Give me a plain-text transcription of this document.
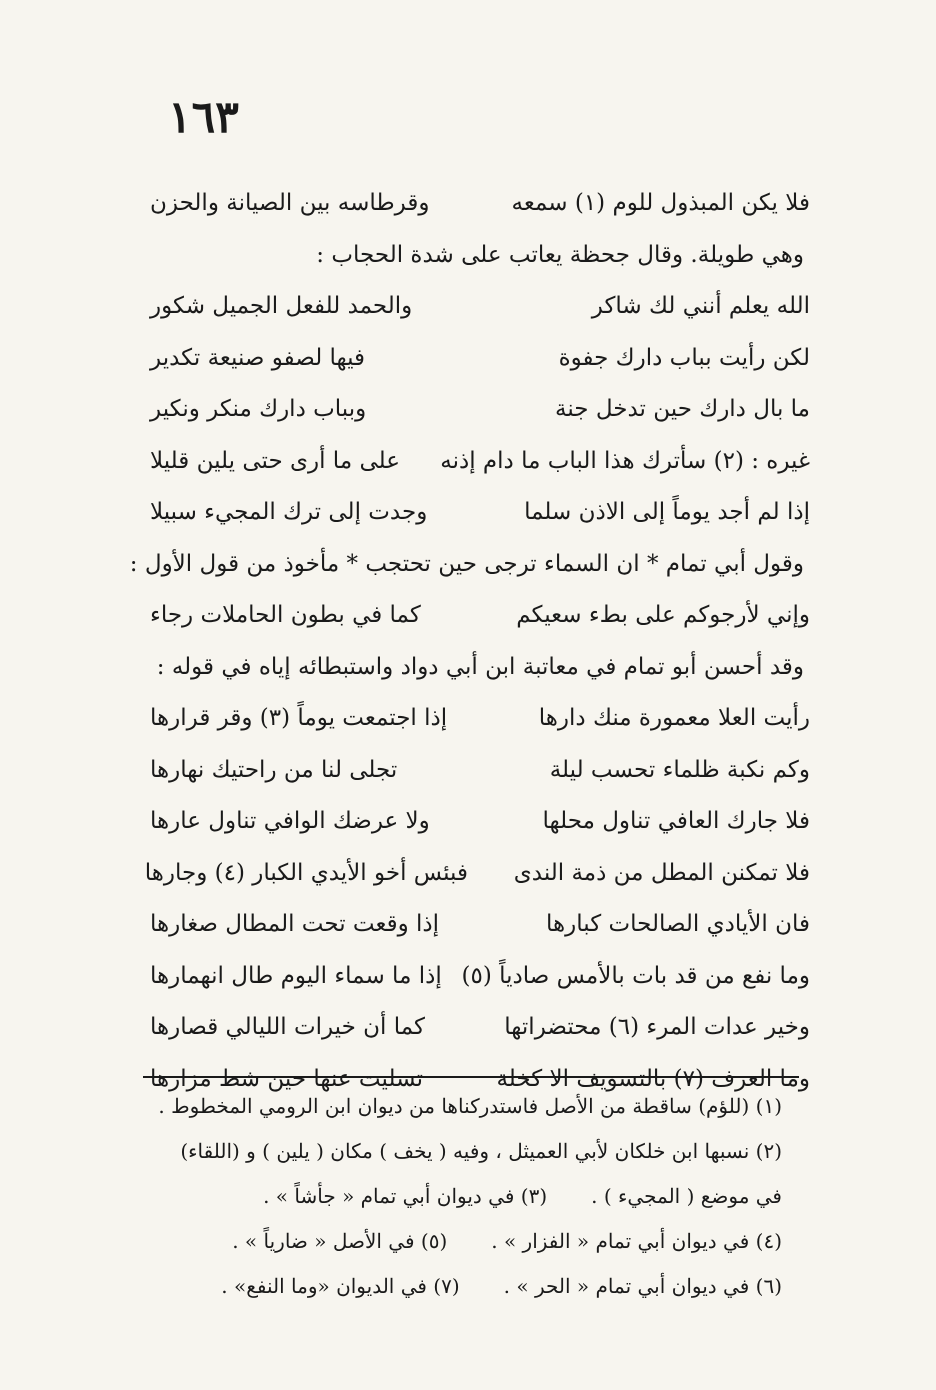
١٦٣
فلا يكن المبذول للوم (١) سمعه
وقرطاسه بين الصيانة والحزن
وهي طويلة. وقال جحظة يعاتب على شدة الحجاب :
الله يعلم أنني لك شاكر
والحمد للفعل الجميل شكور
لكن رأيت بباب دارك جفوة
فيها لصفو صنيعة تكدير
ما بال دارك حين تدخل جنة
وبباب دارك منكر ونكير
غيره : (٢) سأترك هذا الباب ما دام إذنه
على ما أرى حتى يلين قليلا
إذا لم أجد يوماً إلى الاذن سلما
وجدت إلى ترك المجيء سبيلا
وقول أبي تمام * ان السماء ترجى حين تحتجب * مأخوذ من قول الأول :
وإني لأرجوكم على بطء سعيكم
كما في بطون الحاملات رجاء
وقد أحسن أبو تمام في معاتبة ابن أبي دواد واستبطائه إياه في قوله :
رأيت العلا معمورة منك دارها
إذا اجتمعت يوماً (٣) وقر قرارها
وكم نكبة ظلماء تحسب ليلة
تجلى لنا من راحتيك نهارها
فلا جارك العافي تناول محلها
ولا عرضك الوافي تناول عارها
فلا تمكنن المطل من ذمة الندى
فبئس أخو الأيدي الكبار (٤) وجارها
فان الأيادي الصالحات كبارها
إذا وقعت تحت المطال صغارها
وما نفع من قد بات بالأمس صادياً (٥)
إذا ما سماء اليوم طال انهمارها
وخير عدات المرء (٦) محتضراتها
كما أن خيرات الليالي قصارها
وما العرف (٧) بالتسويف الا كخلة
تسليت عنها حين شط مزارها
(١) (للؤم) ساقطة من الأصل فاستدركناها من ديوان ابن الرومي المخطوط .
(٢) نسبها ابن خلكان لأبي العميثل ، وفيه ( يخف ) مكان ( يلين ) و (اللقاء)
في موضع ( المجيء ) .
(٣) في ديوان أبي تمام « جأشاً » .
(٤) في ديوان أبي تمام « الفزار » .
(٥) في الأصل « ضارياً » .
(٦) في ديوان أبي تمام « الحر » .
(٧) في الديوان «وما النفع» .
